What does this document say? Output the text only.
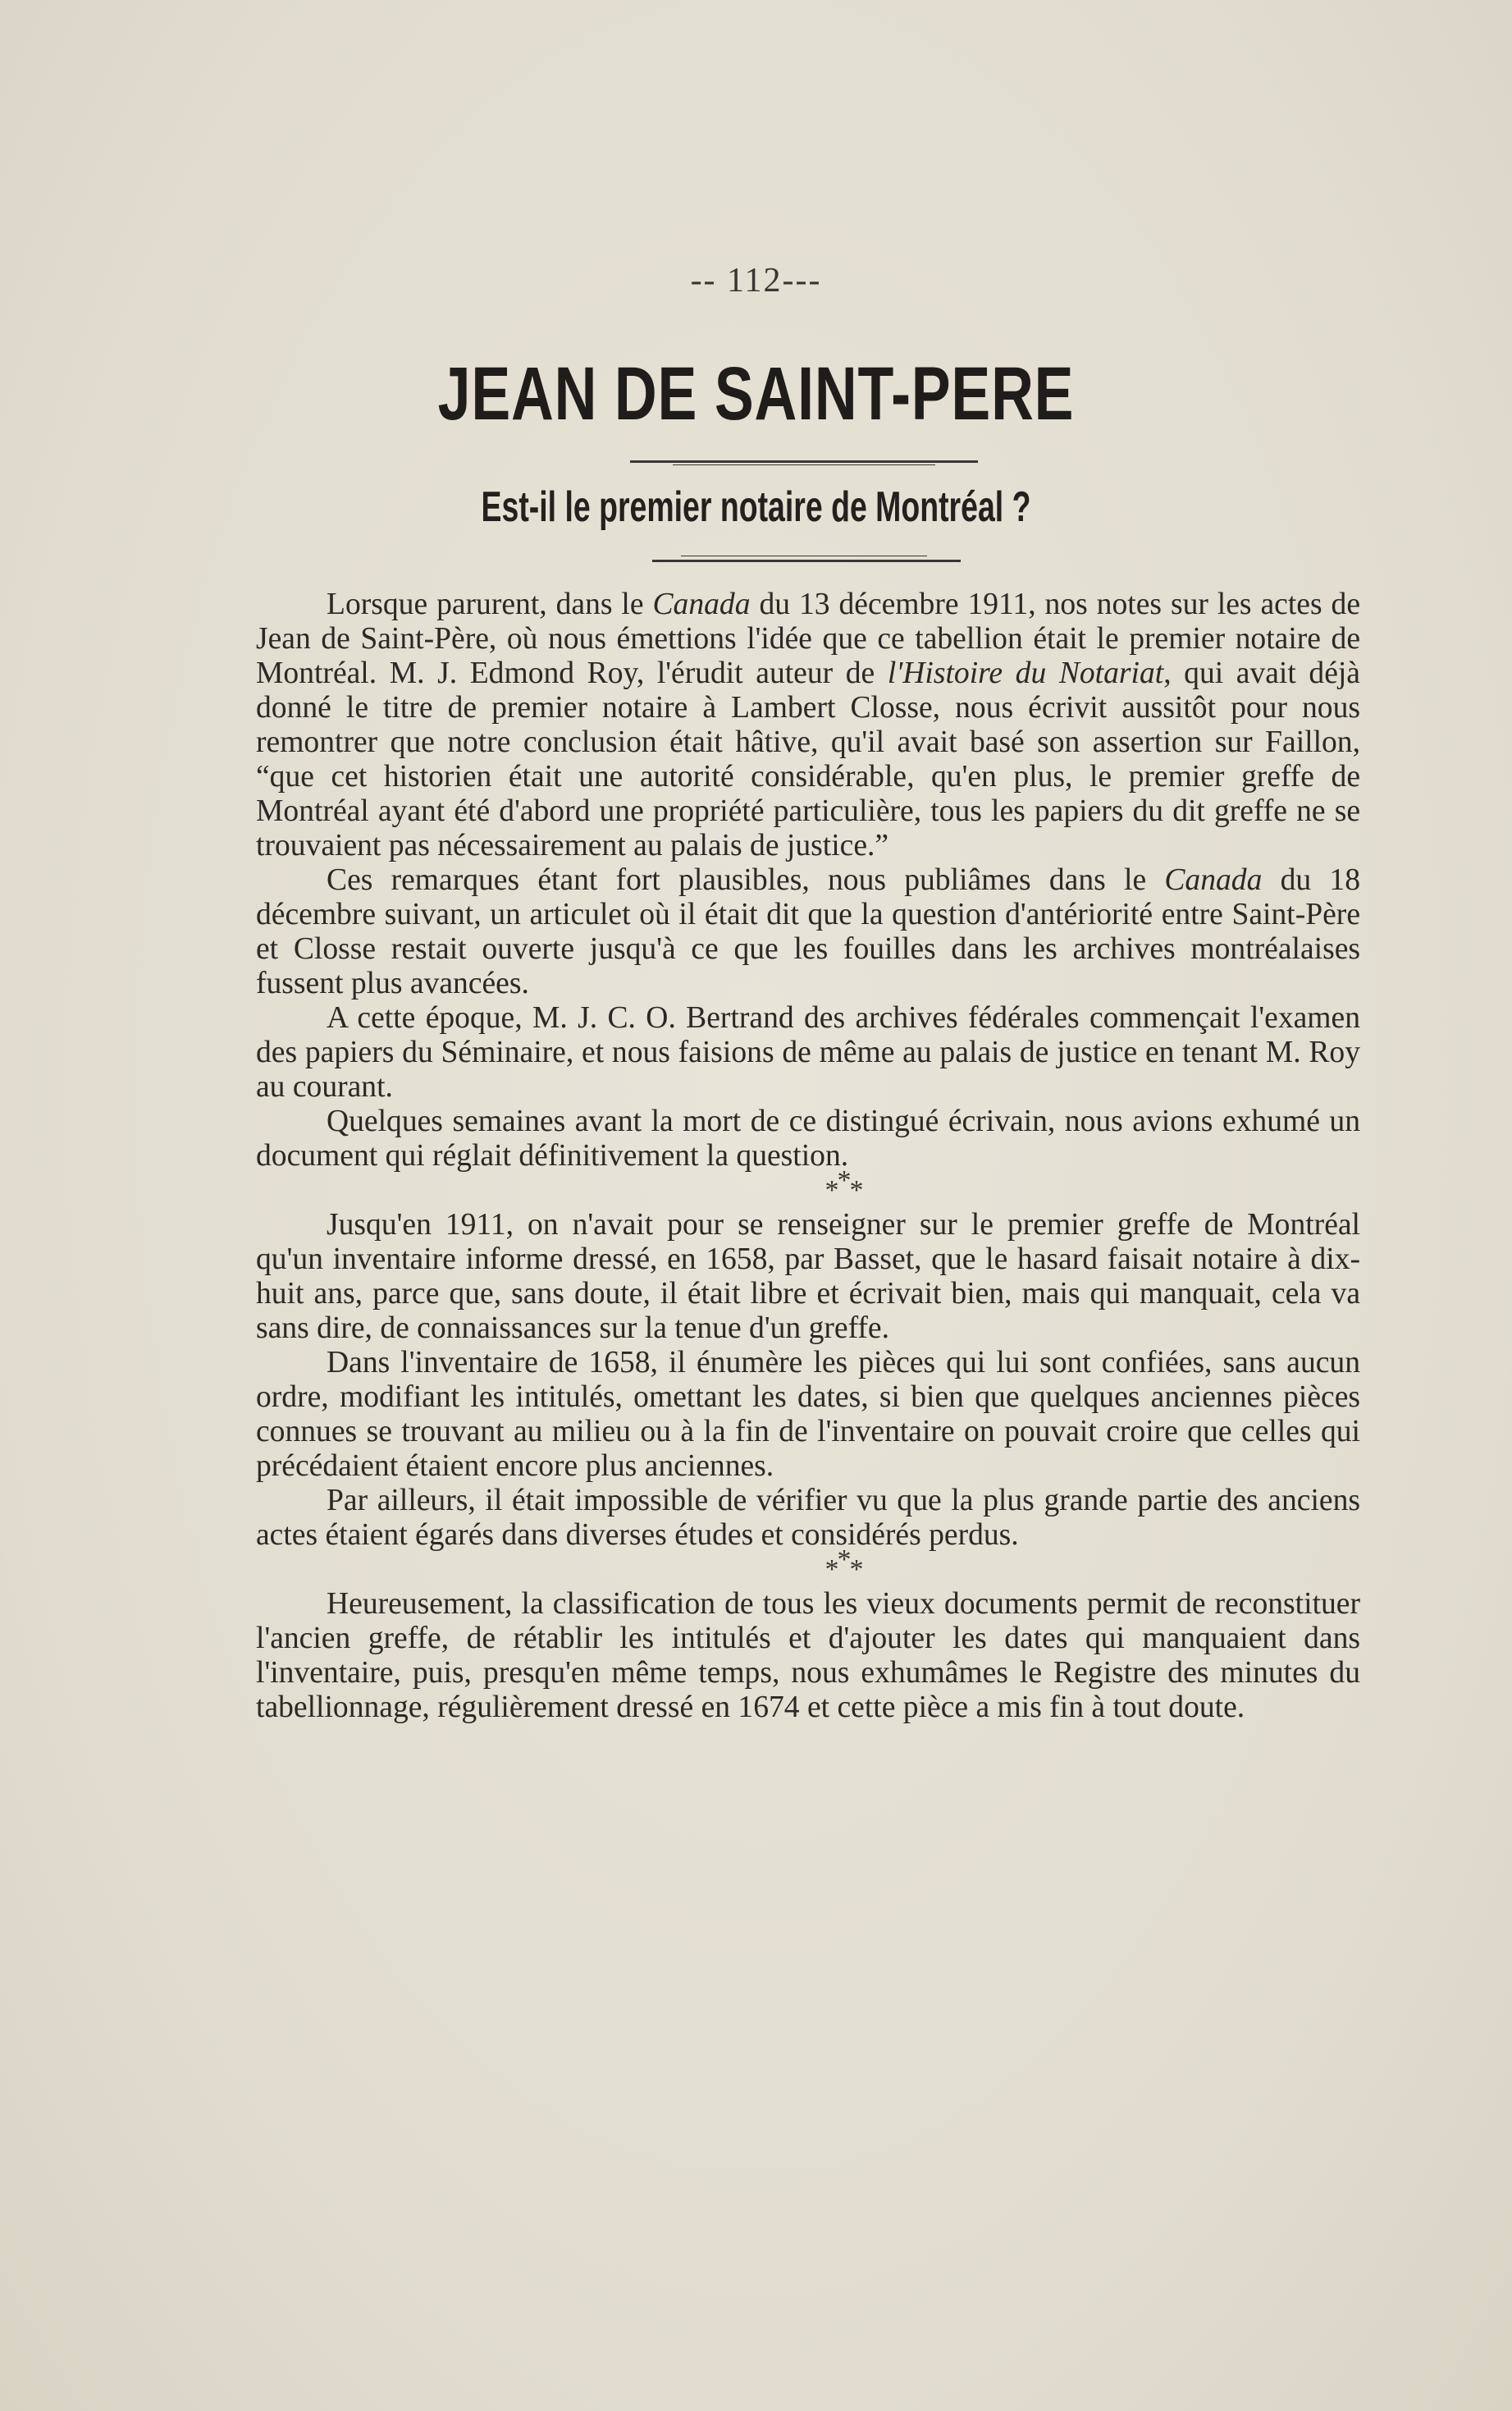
-- 112---
JEAN DE SAINT-PERE
Est-il le premier notaire de Montréal ?

Lorsque parurent, dans le Canada du 13 décembre 1911, nos notes sur les actes de Jean de Saint-Père, où nous émettions l'idée que ce tabellion était le premier notaire de Montréal. M. J. Edmond Roy, l'érudit auteur de l'Histoire du Notariat, qui avait déjà donné le titre de premier notaire à Lambert Closse, nous écrivit aussitôt pour nous remontrer que notre conclusion était hâtive, qu'il avait basé son assertion sur Faillon, “que cet historien était une autorité considérable, qu'en plus, le premier greffe de Montréal ayant été d'abord une propriété particulière, tous les papiers du dit greffe ne se trouvaient pas nécessairement au palais de justice.”

Ces remarques étant fort plausibles, nous publiâmes dans le Canada du 18 décembre suivant, un articulet où il était dit que la question d'antériorité entre Saint-Père et Closse restait ouverte jusqu'à ce que les fouilles dans les archives montréalaises fussent plus avancées.

A cette époque, M. J. C. O. Bertrand des archives fédérales commençait l'examen des papiers du Séminaire, et nous faisions de même au palais de justice en tenant M. Roy au courant.

Quelques semaines avant la mort de ce distingué écrivain, nous avions exhumé un document qui réglait définitivement la question.

***

Jusqu'en 1911, on n'avait pour se renseigner sur le premier greffe de Montréal qu'un inventaire informe dressé, en 1658, par Basset, que le hasard faisait notaire à dix-huit ans, parce que, sans doute, il était libre et écrivait bien, mais qui manquait, cela va sans dire, de connaissances sur la tenue d'un greffe.

Dans l'inventaire de 1658, il énumère les pièces qui lui sont confiées, sans aucun ordre, modifiant les intitulés, omettant les dates, si bien que quelques anciennes pièces connues se trouvant au milieu ou à la fin de l'inventaire on pouvait croire que celles qui précédaient étaient encore plus anciennes.

Par ailleurs, il était impossible de vérifier vu que la plus grande partie des anciens actes étaient égarés dans diverses études et considérés perdus.

***

Heureusement, la classification de tous les vieux documents permit de reconstituer l'ancien greffe, de rétablir les intitulés et d'ajouter les dates qui manquaient dans l'inventaire, puis, presqu'en même temps, nous exhumâmes le Registre des minutes du tabellionnage, régulièrement dressé en 1674 et cette pièce a mis fin à tout doute.
